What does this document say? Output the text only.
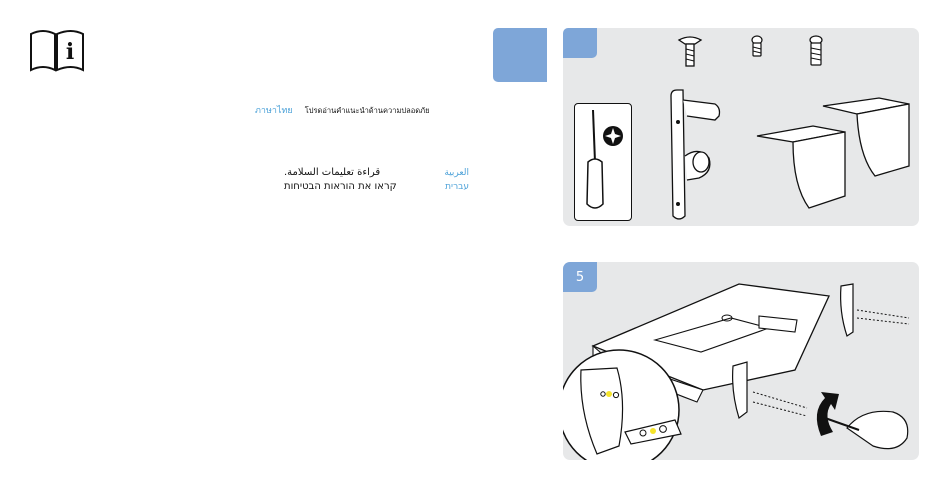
i
ภาษาไทย โปรดอ่านคำแนะนำด้านความปลอดภัย
قراءة تعليمات السلامة.	العربية
קראו את הוראות הבטיחות	עברית
5
